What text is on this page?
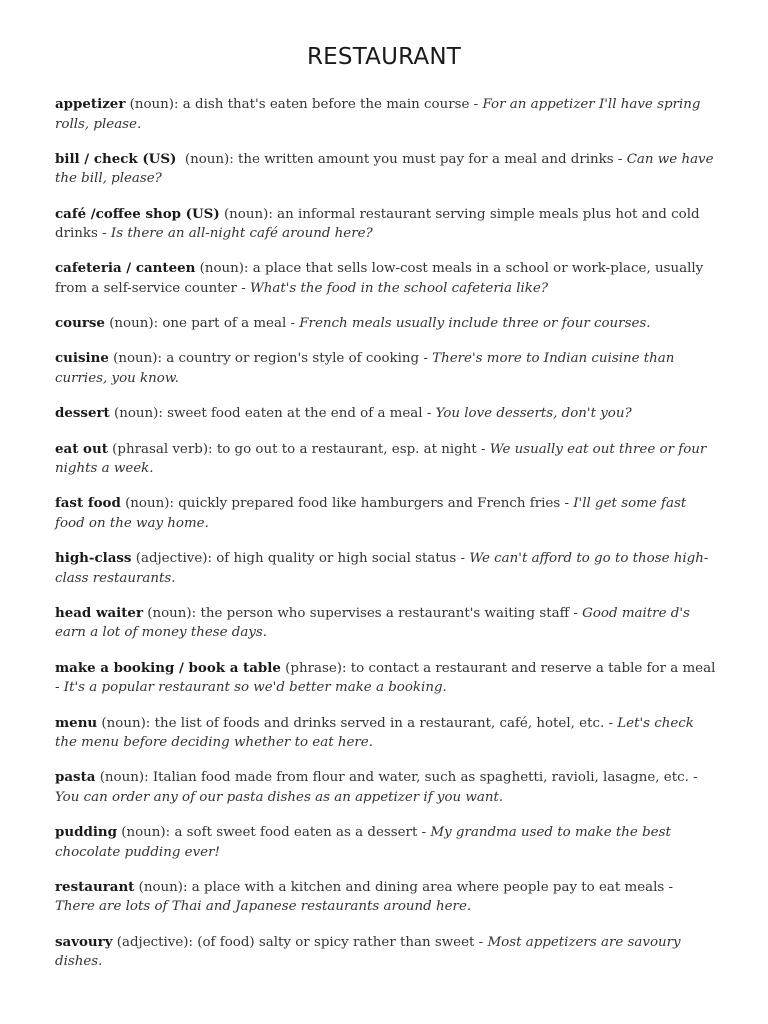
RESTAURANT

appetizer (noun): a dish that's eaten before the main course - For an appetizer I'll have spring rolls, please.

bill / check (US)  (noun): the written amount you must pay for a meal and drinks - Can we have the bill, please?

café /coffee shop (US) (noun): an informal restaurant serving simple meals plus hot and cold drinks - Is there an all-night café around here?

cafeteria / canteen (noun): a place that sells low-cost meals in a school or work-place, usually from a self-service counter - What's the food in the school cafeteria like?

course (noun): one part of a meal - French meals usually include three or four courses.

cuisine (noun): a country or region's style of cooking - There's more to Indian cuisine than curries, you know.

dessert (noun): sweet food eaten at the end of a meal - You love desserts, don't you?

eat out (phrasal verb): to go out to a restaurant, esp. at night - We usually eat out three or four nights a week.

fast food (noun): quickly prepared food like hamburgers and French fries - I'll get some fast food on the way home.

high-class (adjective): of high quality or high social status - We can't afford to go to those high-class restaurants.

head waiter (noun): the person who supervises a restaurant's waiting staff - Good maitre d's earn a lot of money these days.

make a booking / book a table (phrase): to contact a restaurant and reserve a table for a meal - It's a popular restaurant so we'd better make a booking.

menu (noun): the list of foods and drinks served in a restaurant, café, hotel, etc. - Let's check the menu before deciding whether to eat here.

pasta (noun): Italian food made from flour and water, such as spaghetti, ravioli, lasagne, etc. - You can order any of our pasta dishes as an appetizer if you want.

pudding (noun): a soft sweet food eaten as a dessert - My grandma used to make the best chocolate pudding ever!

restaurant (noun): a place with a kitchen and dining area where people pay to eat meals - There are lots of Thai and Japanese restaurants around here.

savoury (adjective): (of food) salty or spicy rather than sweet - Most appetizers are savoury dishes.
